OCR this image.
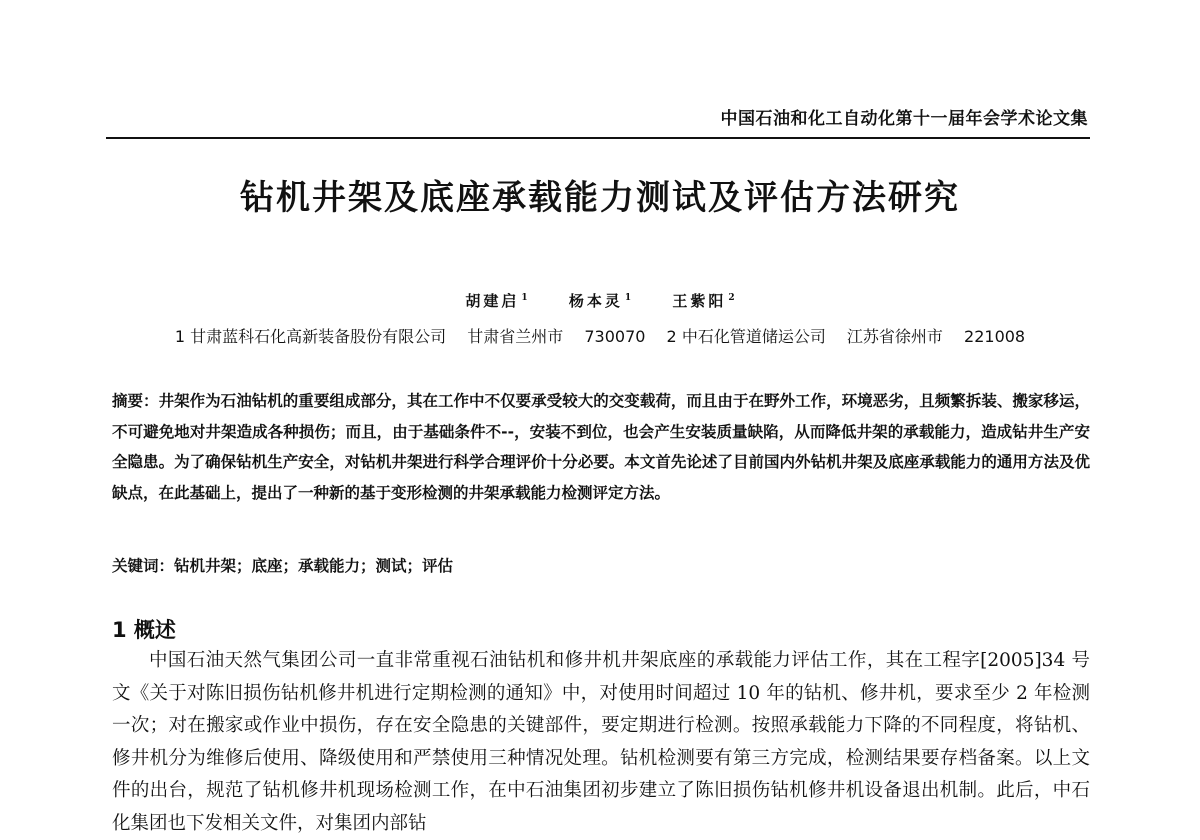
中国石油和化工自动化第十一届年会学术论文集
钻机井架及底座承载能力测试及评估方法研究
胡建启 $^1$	杨本灵 $^1$	王紫阳 $^2$
1 甘肃蓝科石化高新装备股份有限公司 甘肃省兰州市 730070 2 中石化管道储运公司 江苏省徐州市 221008
摘要：井架作为石油钻机的重要组成部分，其在工作中不仅要承受较大的交变载荷，而且由于在野外工作，环境恶劣，且频繁拆装、搬家移运，不可避免地对井架造成各种损伤；而且，由于基础条件不--，安装不到位，也会产生安装质量缺陷，从而降低井架的承载能力，造成钻井生产安全隐患。为了确保钻机生产安全，对钻机井架进行科学合理评价十分必要。本文首先论述了目前国内外钻机井架及底座承载能力的通用方法及优缺点，在此基础上，提出了一种新的基于变形检测的井架承载能力检测评定方法。
关键词：钻机井架；底座；承载能力；测试；评估
1 概述

中国石油天然气集团公司一直非常重视石油钻机和修井机井架底座的承载能力评估工作，其在工程字[2005]34 号文《关于对陈旧损伤钻机修井机进行定期检测的通知》中，对使用时间超过 10 年的钻机、修井机，要求至少 2 年检测一次；对在搬家或作业中损伤，存在安全隐患的关键部件，要定期进行检测。按照承载能力下降的不同程度，将钻机、修井机分为维修后使用、降级使用和严禁使用三种情况处理。钻机检测要有第三方完成，检测结果要存档备案。以上文件的出台，规范了钻机修井机现场检测工作，在中石油集团初步建立了陈旧损伤钻机修井机设备退出机制。此后，中石化集团也下发相关文件，对集团内部钻
